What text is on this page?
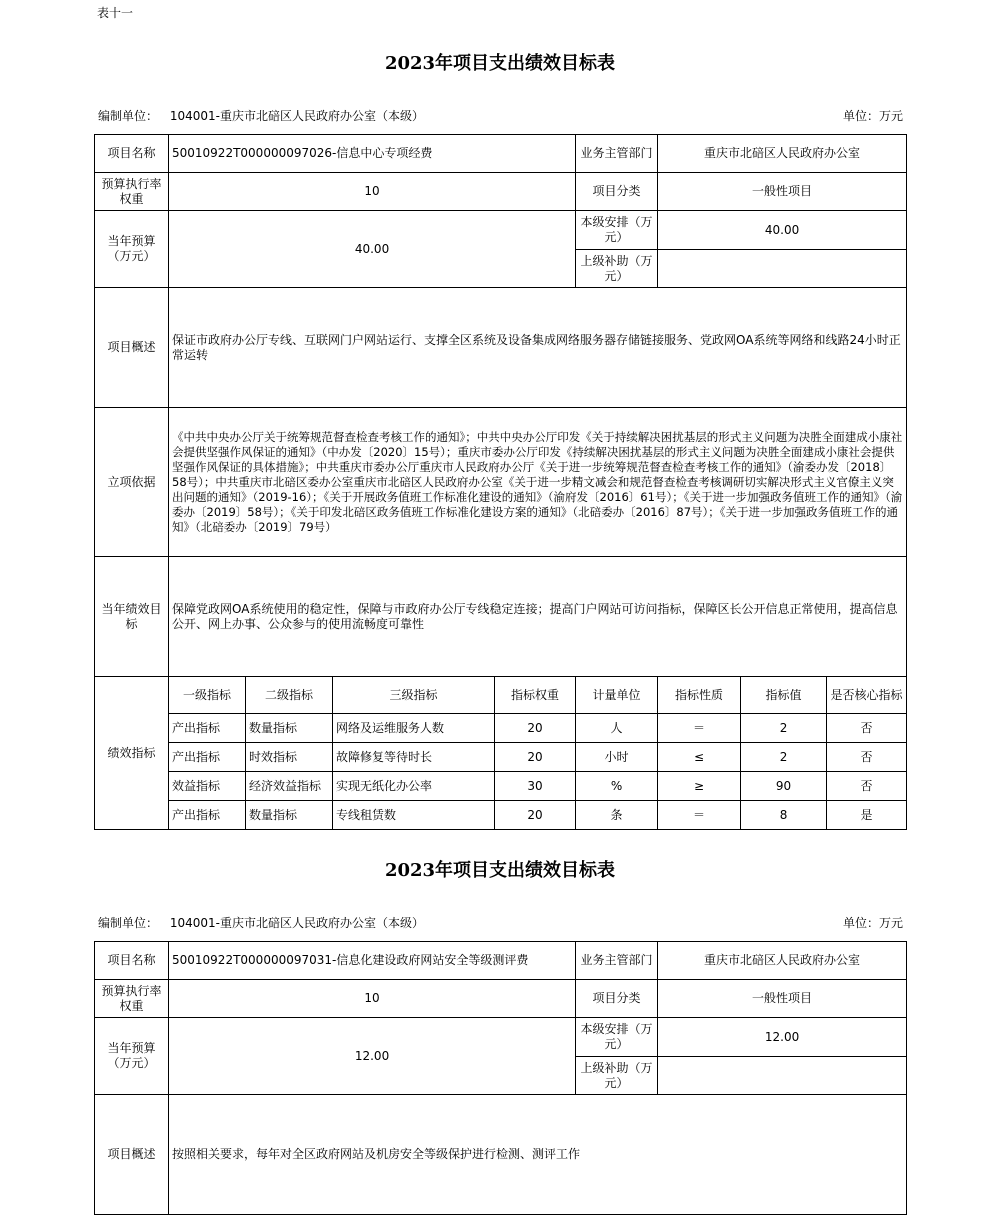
表十一
2023年项目支出绩效目标表
编制单位： 104001-重庆市北碚区人民政府办公室（本级）	单位：万元
项目名称	50010922T000000097026-信息中心专项经费				业务主管部门	重庆市北碚区人民政府办公室		
预算执行率权重	10				项目分类	一般性项目		
当年预算（万元）	40.00				本级安排（万元）	40.00		
					上级补助（万元）			
项目概述	保证市政府办公厅专线、互联网门户网站运行、支撑全区系统及设备集成网络服务器存储链接服务、党政网OA系统等网络和线路24小时正常运转							
立项依据	《中共中央办公厅关于统筹规范督查检查考核工作的通知》；中共中央办公厅印发《关于持续解决困扰基层的形式主义问题为决胜全面建成小康社会提供坚强作风保证的通知》（中办发〔2020〕15号）；重庆市委办公厅印发《持续解决困扰基层的形式主义问题为决胜全面建成小康社会提供坚强作风保证的具体措施》；中共重庆市委办公厅重庆市人民政府办公厅《关于进一步统筹规范督查检查考核工作的通知》（渝委办发〔2018〕58号）；中共重庆市北碚区委办公室重庆市北碚区人民政府办公室《关于进一步精文减会和规范督查检查考核调研切实解决形式主义官僚主义突出问题的通知》（2019-16）；《关于开展政务值班工作标准化建设的通知》（渝府发〔2016〕61号）；《关于进一步加强政务值班工作的通知》（渝委办〔2019〕58号）；《关于印发北碚区政务值班工作标准化建设方案的通知》（北碚委办〔2016〕87号）；《关于进一步加强政务值班工作的通知》（北碚委办〔2019〕79号）							
当年绩效目标	保障党政网OA系统使用的稳定性，保障与市政府办公厅专线稳定连接；提高门户网站可访问指标，保障区长公开信息正常使用，提高信息公开、网上办事、公众参与的使用流畅度可靠性							
绩效指标	一级指标	二级指标	三级指标	指标权重	计量单位	指标性质	指标值	是否核心指标
	产出指标	数量指标	网络及运维服务人数	20	人	＝	2	否
	产出指标	时效指标	故障修复等待时长	20	小时	≤	2	否
	效益指标	经济效益指标	实现无纸化办公率	30	%	≥	90	否
	产出指标	数量指标	专线租赁数	20	条	＝	8	是
2023年项目支出绩效目标表
编制单位： 104001-重庆市北碚区人民政府办公室（本级）	单位：万元
项目名称	50010922T000000097031-信息化建设政府网站安全等级测评费	业务主管部门	重庆市北碚区人民政府办公室
预算执行率权重	10	项目分类	一般性项目
当年预算（万元）	12.00	本级安排（万元）	12.00
		上级补助（万元）	
项目概述	按照相关要求，每年对全区政府网站及机房安全等级保护进行检测、测评工作		
